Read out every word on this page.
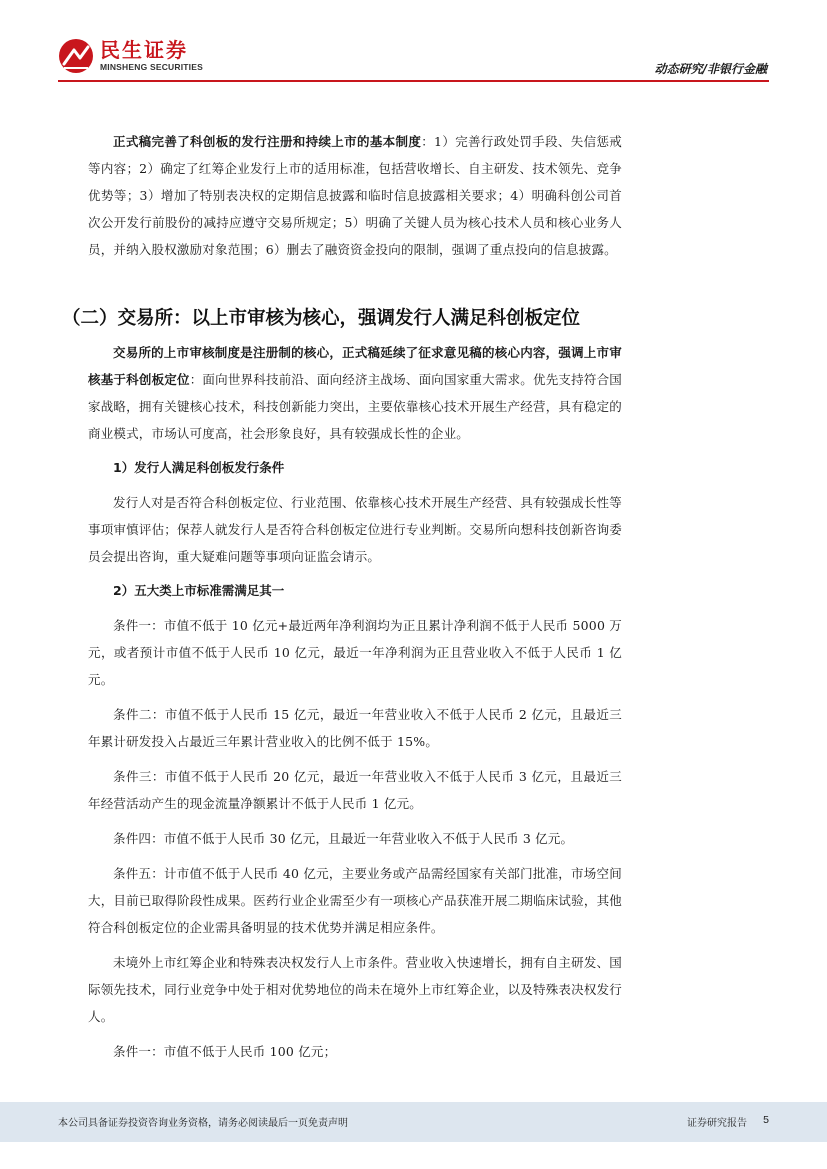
民生证券
MINSHENG SECURITIES	动态研究/非银行金融

正式稿完善了科创板的发行注册和持续上市的基本制度：1）完善行政处罚手段、失信惩戒等内容；2）确定了红筹企业发行上市的适用标准，包括营收增长、自主研发、技术领先、竞争优势等；3）增加了特别表决权的定期信息披露和临时信息披露相关要求；4）明确科创公司首次公开发行前股份的减持应遵守交易所规定；5）明确了关键人员为核心技术人员和核心业务人员，并纳入股权激励对象范围；6）删去了融资资金投向的限制，强调了重点投向的信息披露。

（二）交易所：以上市审核为核心，强调发行人满足科创板定位

交易所的上市审核制度是注册制的核心，正式稿延续了征求意见稿的核心内容，强调上市审核基于科创板定位：面向世界科技前沿、面向经济主战场、面向国家重大需求。优先支持符合国家战略，拥有关键核心技术，科技创新能力突出，主要依靠核心技术开展生产经营，具有稳定的商业模式，市场认可度高，社会形象良好，具有较强成长性的企业。

1）发行人满足科创板发行条件

发行人对是否符合科创板定位、行业范围、依靠核心技术开展生产经营、具有较强成长性等事项审慎评估；保荐人就发行人是否符合科创板定位进行专业判断。交易所向想科技创新咨询委员会提出咨询，重大疑难问题等事项向证监会请示。

2）五大类上市标准需满足其一

条件一：市值不低于 10 亿元+最近两年净利润均为正且累计净利润不低于人民币 5000 万元，或者预计市值不低于人民币 10 亿元，最近一年净利润为正且营业收入不低于人民币 1 亿元。

条件二：市值不低于人民币 15 亿元，最近一年营业收入不低于人民币 2 亿元，且最近三年累计研发投入占最近三年累计营业收入的比例不低于 15%。

条件三：市值不低于人民币 20 亿元，最近一年营业收入不低于人民币 3 亿元，且最近三年经营活动产生的现金流量净额累计不低于人民币 1 亿元。

条件四：市值不低于人民币 30 亿元，且最近一年营业收入不低于人民币 3 亿元。

条件五：计市值不低于人民币 40 亿元，主要业务或产品需经国家有关部门批准，市场空间大，目前已取得阶段性成果。医药行业企业需至少有一项核心产品获准开展二期临床试验，其他符合科创板定位的企业需具备明显的技术优势并满足相应条件。

未境外上市红筹企业和特殊表决权发行人上市条件。营业收入快速增长，拥有自主研发、国际领先技术，同行业竞争中处于相对优势地位的尚未在境外上市红筹企业，以及特殊表决权发行人。

条件一：市值不低于人民币 100 亿元；

本公司具备证券投资咨询业务资格，请务必阅读最后一页免责声明	证券研究报告 5
